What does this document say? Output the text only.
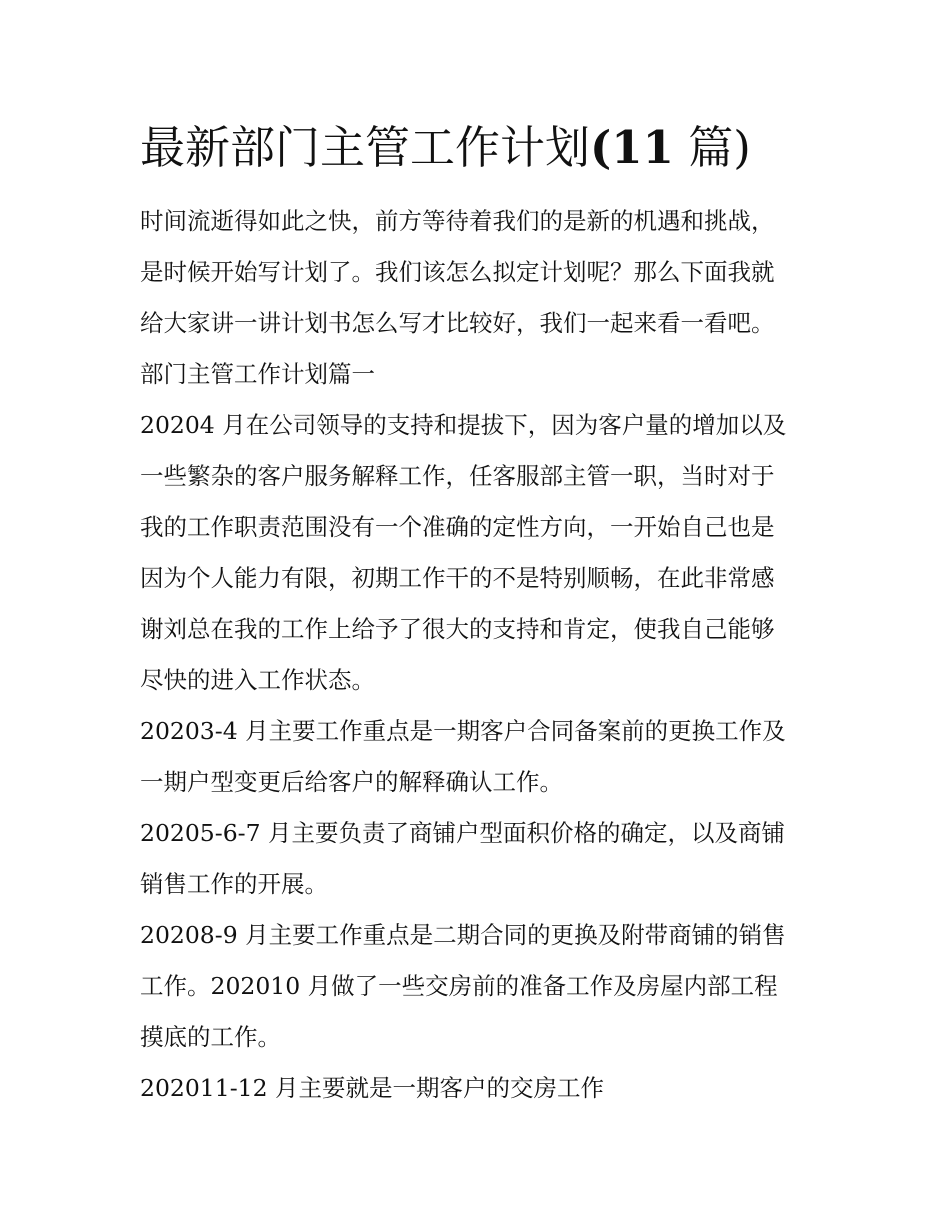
最新部门主管工作计划(11 篇)
时间流逝得如此之快，前方等待着我们的是新的机遇和挑战，
是时候开始写计划了。我们该怎么拟定计划呢？那么下面我就
给大家讲一讲计划书怎么写才比较好，我们一起来看一看吧。
部门主管工作计划篇一
20204 月在公司领导的支持和提拔下，因为客户量的增加以及
一些繁杂的客户服务解释工作，任客服部主管一职，当时对于
我的工作职责范围没有一个准确的定性方向，一开始自己也是
因为个人能力有限，初期工作干的不是特别顺畅，在此非常感
谢刘总在我的工作上给予了很大的支持和肯定，使我自己能够
尽快的进入工作状态。
20203-4 月主要工作重点是一期客户合同备案前的更换工作及
一期户型变更后给客户的解释确认工作。
20205-6-7 月主要负责了商铺户型面积价格的确定，以及商铺
销售工作的开展。
20208-9 月主要工作重点是二期合同的更换及附带商铺的销售
工作。202010 月做了一些交房前的准备工作及房屋内部工程
摸底的工作。
202011-12 月主要就是一期客户的交房工作
